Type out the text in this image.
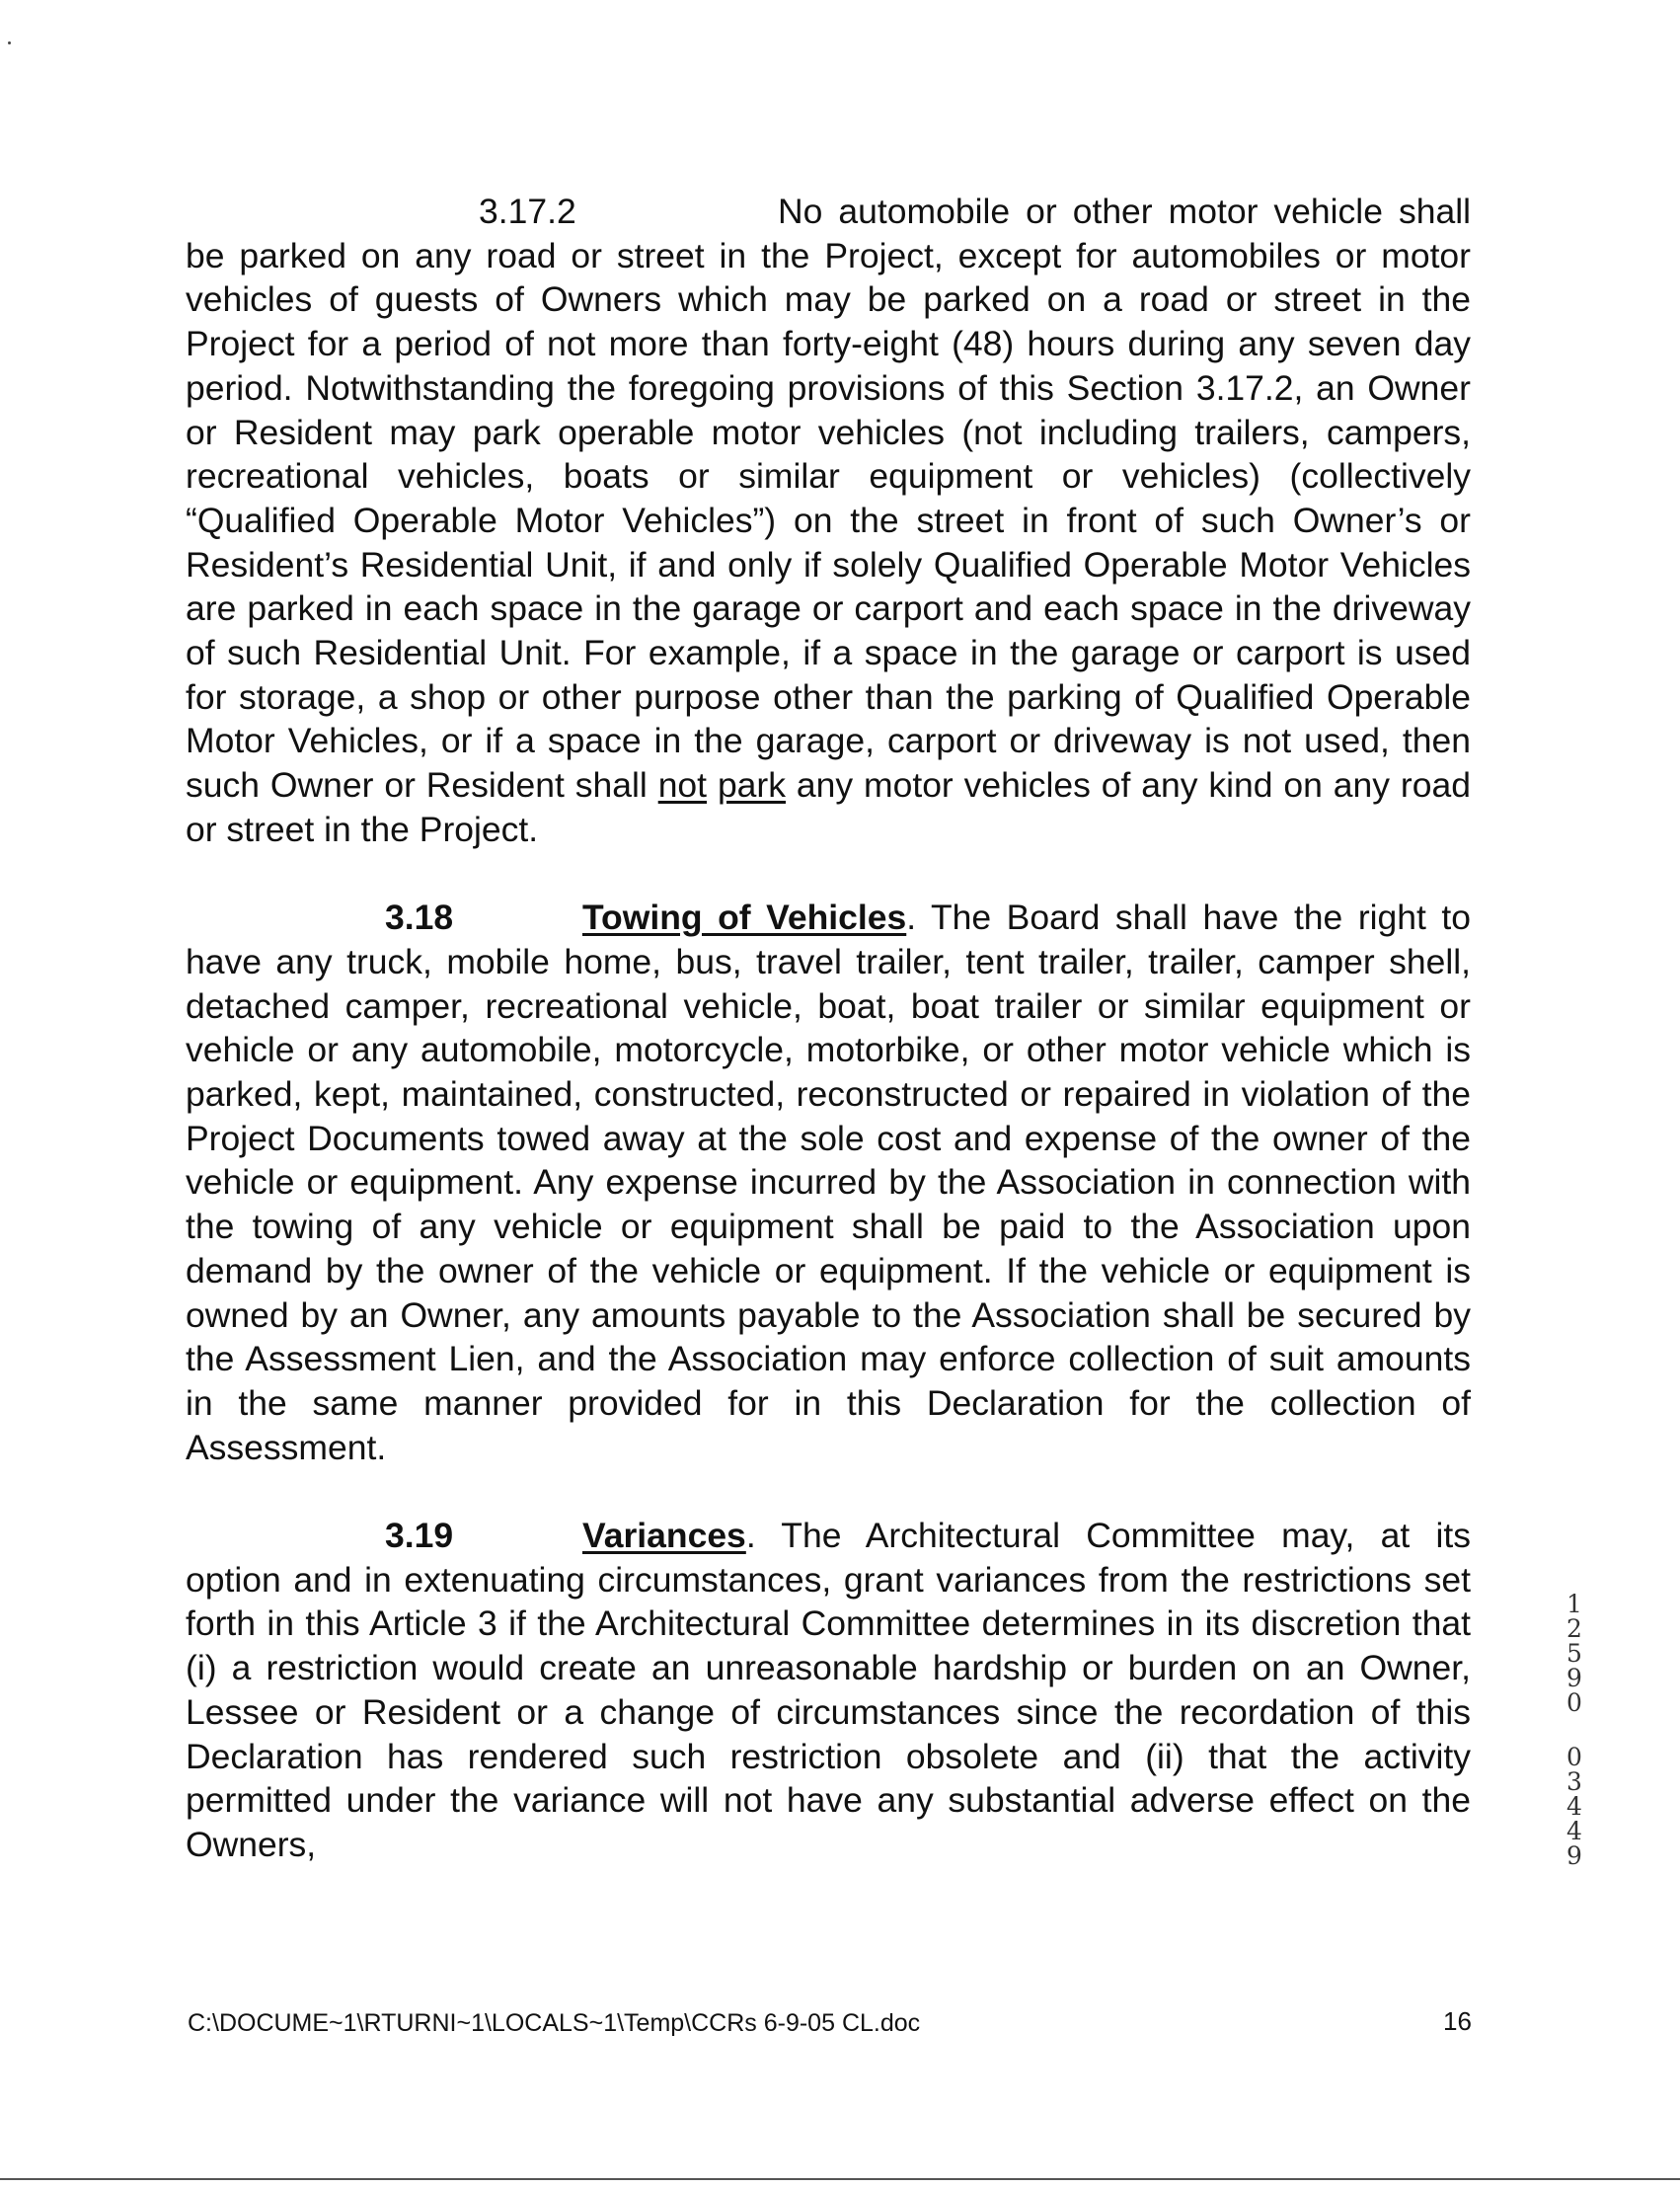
3.17.2	No automobile or other motor vehicle shall be parked on any road or street in the Project, except for automobiles or motor vehicles of guests of Owners which may be parked on a road or street in the Project for a period of not more than forty-eight (48) hours during any seven day period. Notwithstanding the foregoing provisions of this Section 3.17.2, an Owner or Resident may park operable motor vehicles (not including trailers, campers, recreational vehicles, boats or similar equipment or vehicles) (collectively “Qualified Operable Motor Vehicles”) on the street in front of such Owner’s or Resident’s Residential Unit, if and only if solely Qualified Operable Motor Vehicles are parked in each space in the garage or carport and each space in the driveway of such Residential Unit. For example, if a space in the garage or carport is used for storage, a shop or other purpose other than the parking of Qualified Operable Motor Vehicles, or if a space in the garage, carport or driveway is not used, then such Owner or Resident shall not park any motor vehicles of any kind on any road or street in the Project.

3.18	Towing of Vehicles. The Board shall have the right to have any truck, mobile home, bus, travel trailer, tent trailer, trailer, camper shell, detached camper, recreational vehicle, boat, boat trailer or similar equipment or vehicle or any automobile, motorcycle, motorbike, or other motor vehicle which is parked, kept, maintained, constructed, reconstructed or repaired in violation of the Project Documents towed away at the sole cost and expense of the owner of the vehicle or equipment. Any expense incurred by the Association in connection with the towing of any vehicle or equipment shall be paid to the Association upon demand by the owner of the vehicle or equipment. If the vehicle or equipment is owned by an Owner, any amounts payable to the Association shall be secured by the Assessment Lien, and the Association may enforce collection of suit amounts in the same manner provided for in this Declaration for the collection of Assessment.

3.19	Variances. The Architectural Committee may, at its option and in extenuating circumstances, grant variances from the restrictions set forth in this Article 3 if the Architectural Committee determines in its discretion that (i) a restriction would create an unreasonable hardship or burden on an Owner, Lessee or Resident or a change of circumstances since the recordation of this Declaration has rendered such restriction obsolete and (ii) that the activity permitted under the variance will not have any substantial adverse effect on the Owners,

1
2
5
9
0
0
3
4
4
9
C:\DOCUME~1\RTURNI~1\LOCALS~1\Temp\CCRs 6-9-05 CL.doc	16
